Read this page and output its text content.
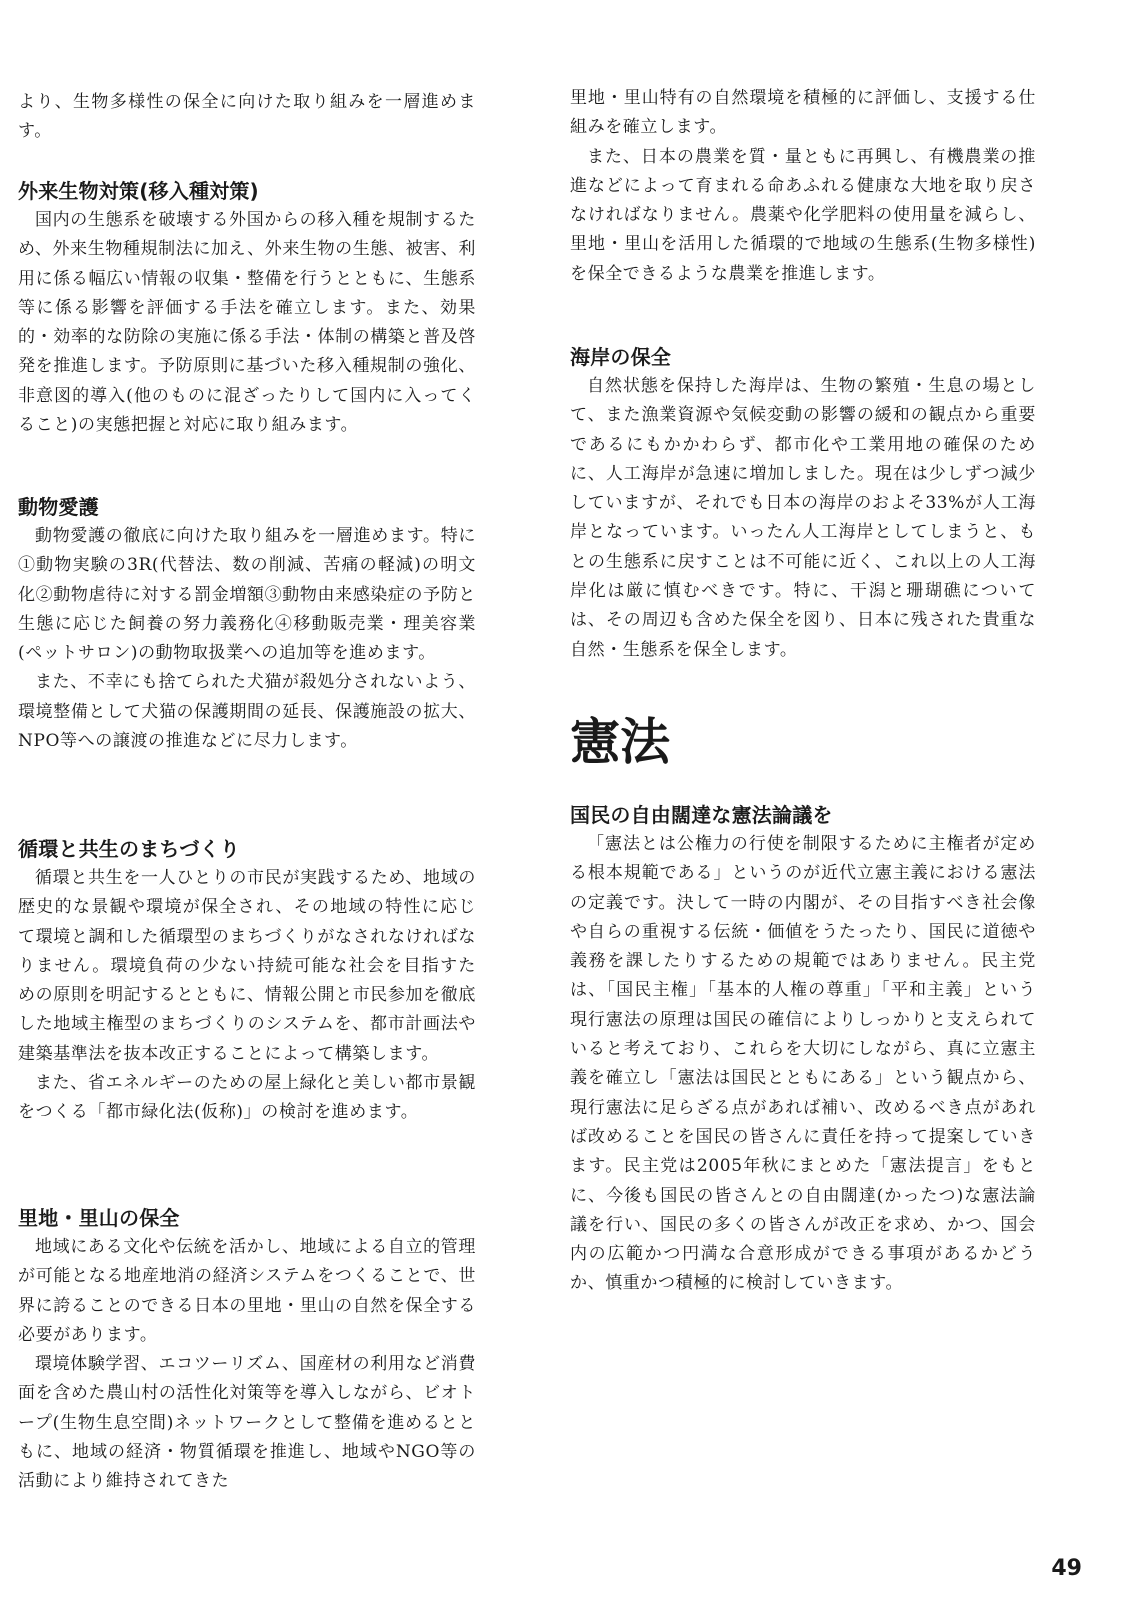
より、生物多様性の保全に向けた取り組みを一層進めます。

外来生物対策(移入種対策)

国内の生態系を破壊する外国からの移入種を規制するため、外来生物種規制法に加え、外来生物の生態、被害、利用に係る幅広い情報の収集・整備を行うとともに、生態系等に係る影響を評価する手法を確立します。また、効果的・効率的な防除の実施に係る手法・体制の構築と普及啓発を推進します。予防原則に基づいた移入種規制の強化、非意図的導入(他のものに混ざったりして国内に入ってくること)の実態把握と対応に取り組みます。

動物愛護

動物愛護の徹底に向けた取り組みを一層進めます。特に①動物実験の3R(代替法、数の削減、苦痛の軽減)の明文化②動物虐待に対する罰金増額③動物由来感染症の予防と生態に応じた飼養の努力義務化④移動販売業・理美容業(ペットサロン)の動物取扱業への追加等を進めます。

また、不幸にも捨てられた犬猫が殺処分されないよう、環境整備として犬猫の保護期間の延長、保護施設の拡大、NPO等への譲渡の推進などに尽力します。

循環と共生のまちづくり

循環と共生を一人ひとりの市民が実践するため、地域の歴史的な景観や環境が保全され、その地域の特性に応じて環境と調和した循環型のまちづくりがなされなければなりません。環境負荷の少ない持続可能な社会を目指すための原則を明記するとともに、情報公開と市民参加を徹底した地域主権型のまちづくりのシステムを、都市計画法や建築基準法を抜本改正することによって構築します。

また、省エネルギーのための屋上緑化と美しい都市景観をつくる「都市緑化法(仮称)」の検討を進めます。

里地・里山の保全

地域にある文化や伝統を活かし、地域による自立的管理が可能となる地産地消の経済システムをつくることで、世界に誇ることのできる日本の里地・里山の自然を保全する必要があります。

環境体験学習、エコツーリズム、国産材の利用など消費面を含めた農山村の活性化対策等を導入しながら、ビオトープ(生物生息空間)ネットワークとして整備を進めるとともに、地域の経済・物質循環を推進し、地域やNGO等の活動により維持されてきた

里地・里山特有の自然環境を積極的に評価し、支援する仕組みを確立します。

また、日本の農業を質・量ともに再興し、有機農業の推進などによって育まれる命あふれる健康な大地を取り戻さなければなりません。農薬や化学肥料の使用量を減らし、里地・里山を活用した循環的で地域の生態系(生物多様性)を保全できるような農業を推進します。

海岸の保全

自然状態を保持した海岸は、生物の繁殖・生息の場として、また漁業資源や気候変動の影響の緩和の観点から重要であるにもかかわらず、都市化や工業用地の確保のために、人工海岸が急速に増加しました。現在は少しずつ減少していますが、それでも日本の海岸のおよそ33%が人工海岸となっています。いったん人工海岸としてしまうと、もとの生態系に戻すことは不可能に近く、これ以上の人工海岸化は厳に慎むべきです。特に、干潟と珊瑚礁については、その周辺も含めた保全を図り、日本に残された貴重な自然・生態系を保全します。

憲法
国民の自由闊達な憲法論議を

「憲法とは公権力の行使を制限するために主権者が定める根本規範である」というのが近代立憲主義における憲法の定義です。決して一時の内閣が、その目指すべき社会像や自らの重視する伝統・価値をうたったり、国民に道徳や義務を課したりするための規範ではありません。民主党は、「国民主権」「基本的人権の尊重」「平和主義」という現行憲法の原理は国民の確信によりしっかりと支えられていると考えており、これらを大切にしながら、真に立憲主義を確立し「憲法は国民とともにある」という観点から、現行憲法に足らざる点があれば補い、改めるべき点があれば改めることを国民の皆さんに責任を持って提案していきます。民主党は2005年秋にまとめた「憲法提言」をもとに、今後も国民の皆さんとの自由闊達(かったつ)な憲法論議を行い、国民の多くの皆さんが改正を求め、かつ、国会内の広範かつ円満な合意形成ができる事項があるかどうか、慎重かつ積極的に検討していきます。

49
